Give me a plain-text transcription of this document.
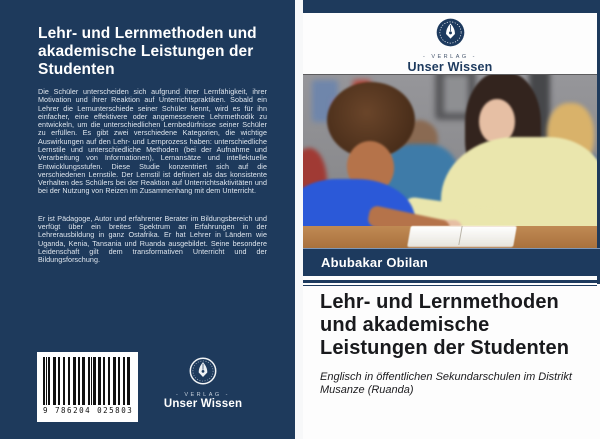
Lehr- und Lernmethoden und akademische Leistungen der Studenten
Die Schüler unterscheiden sich aufgrund ihrer Lernfähigkeit, ihrer Motivation und ihrer Reaktion auf Unterrichtspraktiken. Sobald ein Lehrer die Lernunterschiede seiner Schüler kennt, wird es für ihn einfacher, eine effektivere oder angemessenere Lehrmethodik zu entwickeln, um die unterschiedlichen Lernbedürfnisse seiner Schüler zu erfüllen. Es gibt zwei verschiedene Kategorien, die wichtige Auswirkungen auf den Lehr- und Lernprozess haben: unterschiedliche Lernstile und unterschiedliche Methoden (bei der Aufnahme und Verarbeitung von Informationen), Lernansätze und intellektuelle Entwicklungsstufen. Diese Studie konzentriert sich auf die verschiedenen Lernstile. Der Lernstil ist definiert als das konsistente Verhalten des Schülers bei der Reaktion auf Unterrichtsaktivitäten und bei der Nutzung von Reizen im Zusammenhang mit dem Unterricht.
Er ist Pädagoge, Autor und erfahrener Berater im Bildungsbereich und verfügt über ein breites Spektrum an Erfahrungen in der Lehrerausbildung in ganz Ostafrika. Er hat Lehrer in Ländern wie Uganda, Kenia, Tansania und Ruanda ausgebildet. Seine besondere Leidenschaft gilt dem transformativen Unterricht und der Bildungsforschung.
9 786204 025803
- VERLAG -
Unser Wissen
- VERLAG -
Unser Wissen
Abubakar Obilan
Lehr- und Lernmethoden und akademische Leistungen der Studenten

Englisch in öffentlichen Sekundarschulen im Distrikt Musanze (Ruanda)
